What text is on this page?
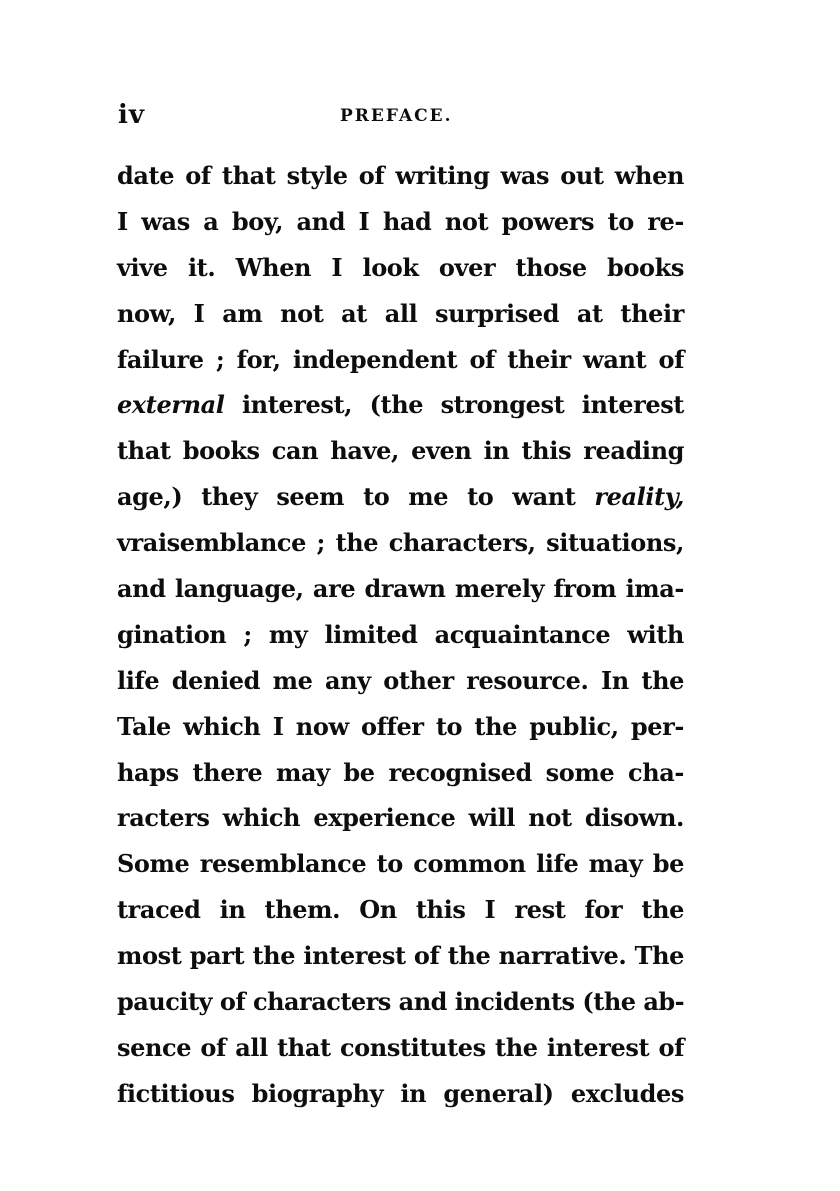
iv	PREFACE.
date of that style of writing was out when
I was a boy, and I had not powers to re-
vive it. When I look over those books
now, I am not at all surprised at their
failure ; for, independent of their want of
external interest, (the strongest interest
that books can have, even in this reading
age,) they seem to me to want reality,
vraisemblance ; the characters, situations,
and language, are drawn merely from ima-
gination ; my limited acquaintance with
life denied me any other resource. In the
Tale which I now offer to the public, per-
haps there may be recognised some cha-
racters which experience will not disown.
Some resemblance to common life may be
traced in them. On this I rest for the
most part the interest of the narrative. The
paucity of characters and incidents (the ab-
sence of all that constitutes the interest of
fictitious biography in general) excludes
